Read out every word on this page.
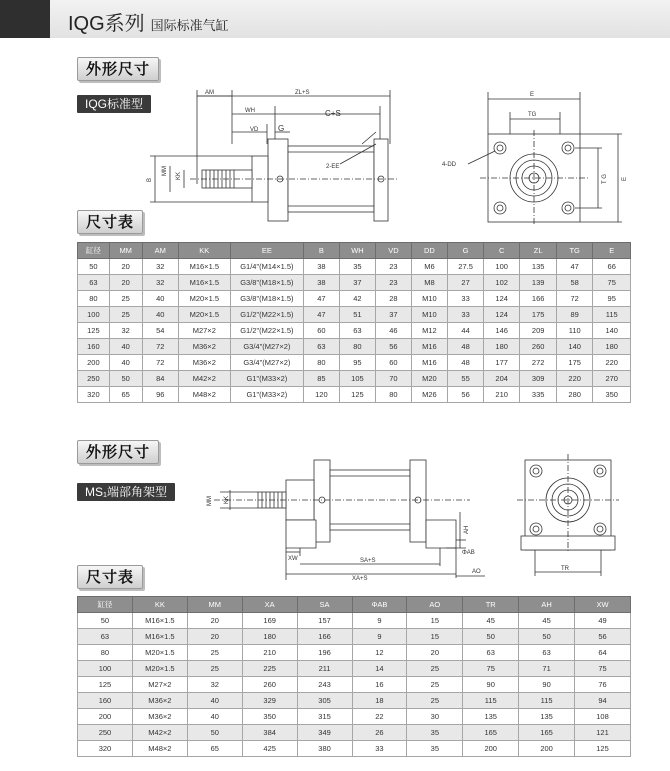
IQG系列 国际标准气缸
外形尺寸
IQG标准型
AM	ZL+S
WH	C+S
VD G
2-EE
MM KK
B
E
TG
4-DD
T G E
尺寸表
缸径	MM	AM	KK	EE	B	WH	VD	DD	G	C	ZL	TG	E
50	20	32	M16×1.5	G1/4"(M14×1.5)	38	35	23	M6	27.5	100	135	47	66
63	20	32	M16×1.5	G3/8"(M18×1.5)	38	37	23	M8	27	102	139	58	75
80	25	40	M20×1.5	G3/8"(M18×1.5)	47	42	28	M10	33	124	166	72	95
100	25	40	M20×1.5	G1/2"(M22×1.5)	47	51	37	M10	33	124	175	89	115
125	32	54	M27×2	G1/2"(M22×1.5)	60	63	46	M12	44	146	209	110	140
160	40	72	M36×2	G3/4"(M27×2)	63	80	56	M16	48	180	260	140	180
200	40	72	M36×2	G3/4"(M27×2)	80	95	60	M16	48	177	272	175	220
250	50	84	M42×2	G1"(M33×2)	85	105	70	M20	55	204	309	220	270
320	65	96	M48×2	G1"(M33×2)	120	125	80	M26	56	210	335	280	350
外形尺寸
MS₁端部角架型
KK
MM
AH
XW	SA+S
XA+S
ΦAB
AO	TR
尺寸表
缸径	KK	MM	XA	SA	ΦAB	AO	TR	AH	XW
50	M16×1.5	20	169	157	9	15	45	45	49
63	M16×1.5	20	180	166	9	15	50	50	56
80	M20×1.5	25	210	196	12	20	63	63	64
100	M20×1.5	25	225	211	14	25	75	71	75
125	M27×2	32	260	243	16	25	90	90	76
160	M36×2	40	329	305	18	25	115	115	94
200	M36×2	40	350	315	22	30	135	135	108
250	M42×2	50	384	349	26	35	165	165	121
320	M48×2	65	425	380	33	35	200	200	125
